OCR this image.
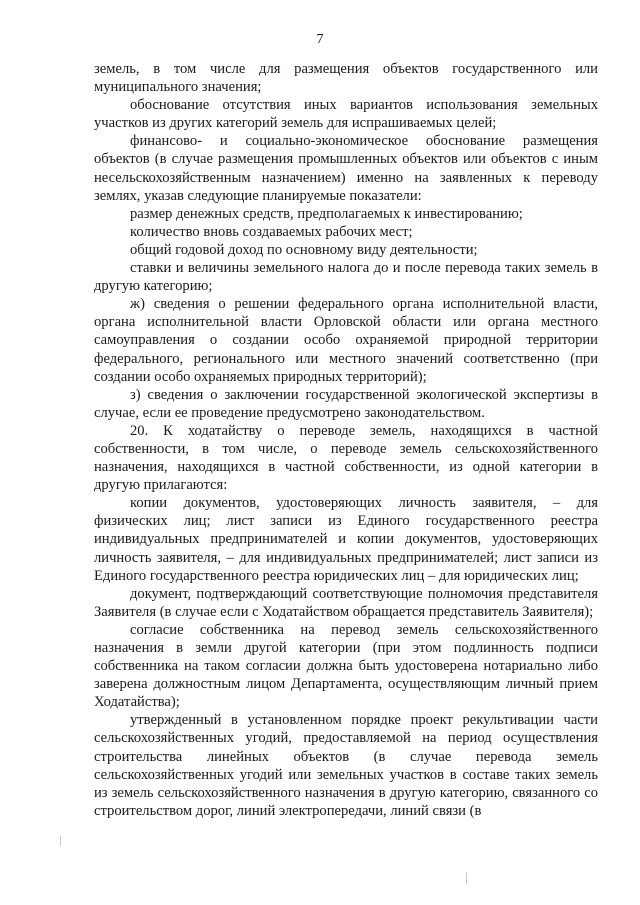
7

земель, в том числе для размещения объектов государственного или муниципального значения;

обоснование отсутствия иных вариантов использования земельных участков из других категорий земель для испрашиваемых целей;

финансово- и социально-экономическое обоснование размещения объектов (в случае размещения промышленных объектов или объектов с иным несельскохозяйственным назначением) именно на заявленных к переводу землях, указав следующие планируемые показатели:

размер денежных средств, предполагаемых к инвестированию;

количество вновь создаваемых рабочих мест;

общий годовой доход по основному виду деятельности;

ставки и величины земельного налога до и после перевода таких земель в другую категорию;

ж) сведения о решении федерального органа исполнительной власти, органа исполнительной власти Орловской области или органа местного самоуправления о создании особо охраняемой природной территории федерального, регионального или местного значений соответственно (при создании особо охраняемых природных территорий);

з) сведения о заключении государственной экологической экспертизы в случае, если ее проведение предусмотрено законодательством.

20. К ходатайству о переводе земель, находящихся в частной собственности, в том числе, о переводе земель сельскохозяйственного назначения, находящихся в частной собственности, из одной категории в другую прилагаются:

копии документов, удостоверяющих личность заявителя, – для физических лиц; лист записи из Единого государственного реестра индивидуальных предпринимателей и копии документов, удостоверяющих личность заявителя, – для индивидуальных предпринимателей; лист записи из Единого государственного реестра юридических лиц – для юридических лиц;

документ, подтверждающий соответствующие полномочия представителя Заявителя (в случае если с Ходатайством обращается представитель Заявителя);

согласие собственника на перевод земель сельскохозяйственного назначения в земли другой категории (при этом подлинность подписи собственника на таком согласии должна быть удостоверена нотариально либо заверена должностным лицом Департамента, осуществляющим личный прием Ходатайства);

утвержденный в установленном порядке проект рекультивации части сельскохозяйственных угодий, предоставляемой на период осуществления строительства линейных объектов (в случае перевода земель сельскохозяйственных угодий или земельных участков в составе таких земель из земель сельскохозяйственного назначения в другую категорию, связанного со строительством дорог, линий электропередачи, линий связи (в
